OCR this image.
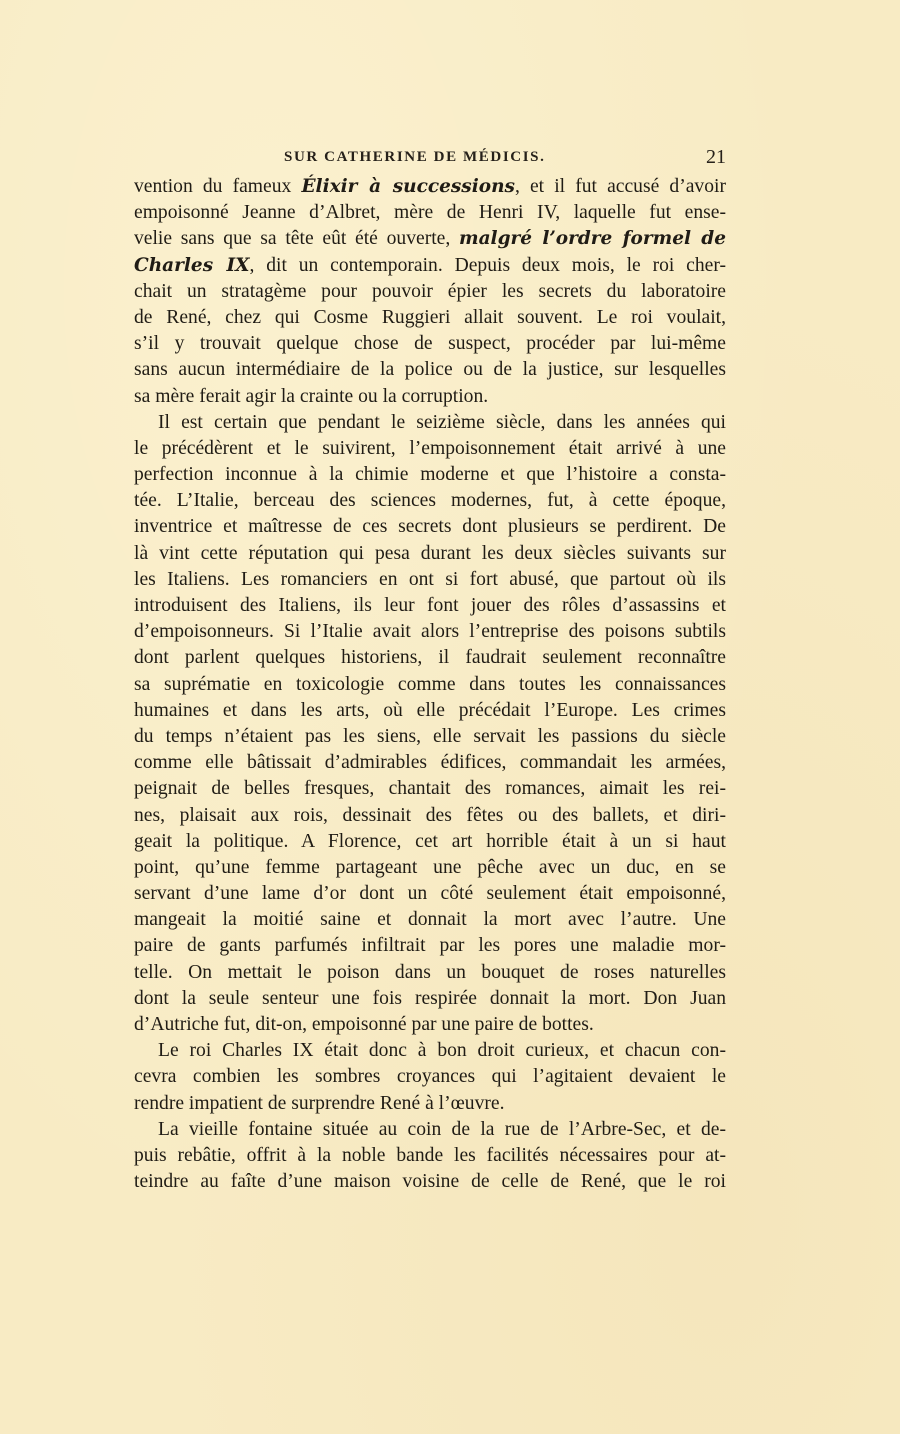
SUR CATHERINE DE MÉDICIS.	21
vention du fameux Élixir à successions, et il fut accusé d’avoir
empoisonné Jeanne d’Albret, mère de Henri IV, laquelle fut ense-
velie sans que sa tête eût été ouverte, malgré l’ordre formel de
Charles IX, dit un contemporain. Depuis deux mois, le roi cher-
chait un stratagème pour pouvoir épier les secrets du laboratoire
de René, chez qui Cosme Ruggieri allait souvent. Le roi voulait,
s’il y trouvait quelque chose de suspect, procéder par lui-même
sans aucun intermédiaire de la police ou de la justice, sur lesquelles
sa mère ferait agir la crainte ou la corruption.
Il est certain que pendant le seizième siècle, dans les années qui
le précédèrent et le suivirent, l’empoisonnement était arrivé à une
perfection inconnue à la chimie moderne et que l’histoire a consta-
tée. L’Italie, berceau des sciences modernes, fut, à cette époque,
inventrice et maîtresse de ces secrets dont plusieurs se perdirent. De
là vint cette réputation qui pesa durant les deux siècles suivants sur
les Italiens. Les romanciers en ont si fort abusé, que partout où ils
introduisent des Italiens, ils leur font jouer des rôles d’assassins et
d’empoisonneurs. Si l’Italie avait alors l’entreprise des poisons subtils
dont parlent quelques historiens, il faudrait seulement reconnaître
sa suprématie en toxicologie comme dans toutes les connaissances
humaines et dans les arts, où elle précédait l’Europe. Les crimes
du temps n’étaient pas les siens, elle servait les passions du siècle
comme elle bâtissait d’admirables édifices, commandait les armées,
peignait de belles fresques, chantait des romances, aimait les rei-
nes, plaisait aux rois, dessinait des fêtes ou des ballets, et diri-
geait la politique. A Florence, cet art horrible était à un si haut
point, qu’une femme partageant une pêche avec un duc, en se
servant d’une lame d’or dont un côté seulement était empoisonné,
mangeait la moitié saine et donnait la mort avec l’autre. Une
paire de gants parfumés infiltrait par les pores une maladie mor-
telle. On mettait le poison dans un bouquet de roses naturelles
dont la seule senteur une fois respirée donnait la mort. Don Juan
d’Autriche fut, dit-on, empoisonné par une paire de bottes.
Le roi Charles IX était donc à bon droit curieux, et chacun con-
cevra combien les sombres croyances qui l’agitaient devaient le
rendre impatient de surprendre René à l’œuvre.
La vieille fontaine située au coin de la rue de l’Arbre-Sec, et de-
puis rebâtie, offrit à la noble bande les facilités nécessaires pour at-
teindre au faîte d’une maison voisine de celle de René, que le roi
